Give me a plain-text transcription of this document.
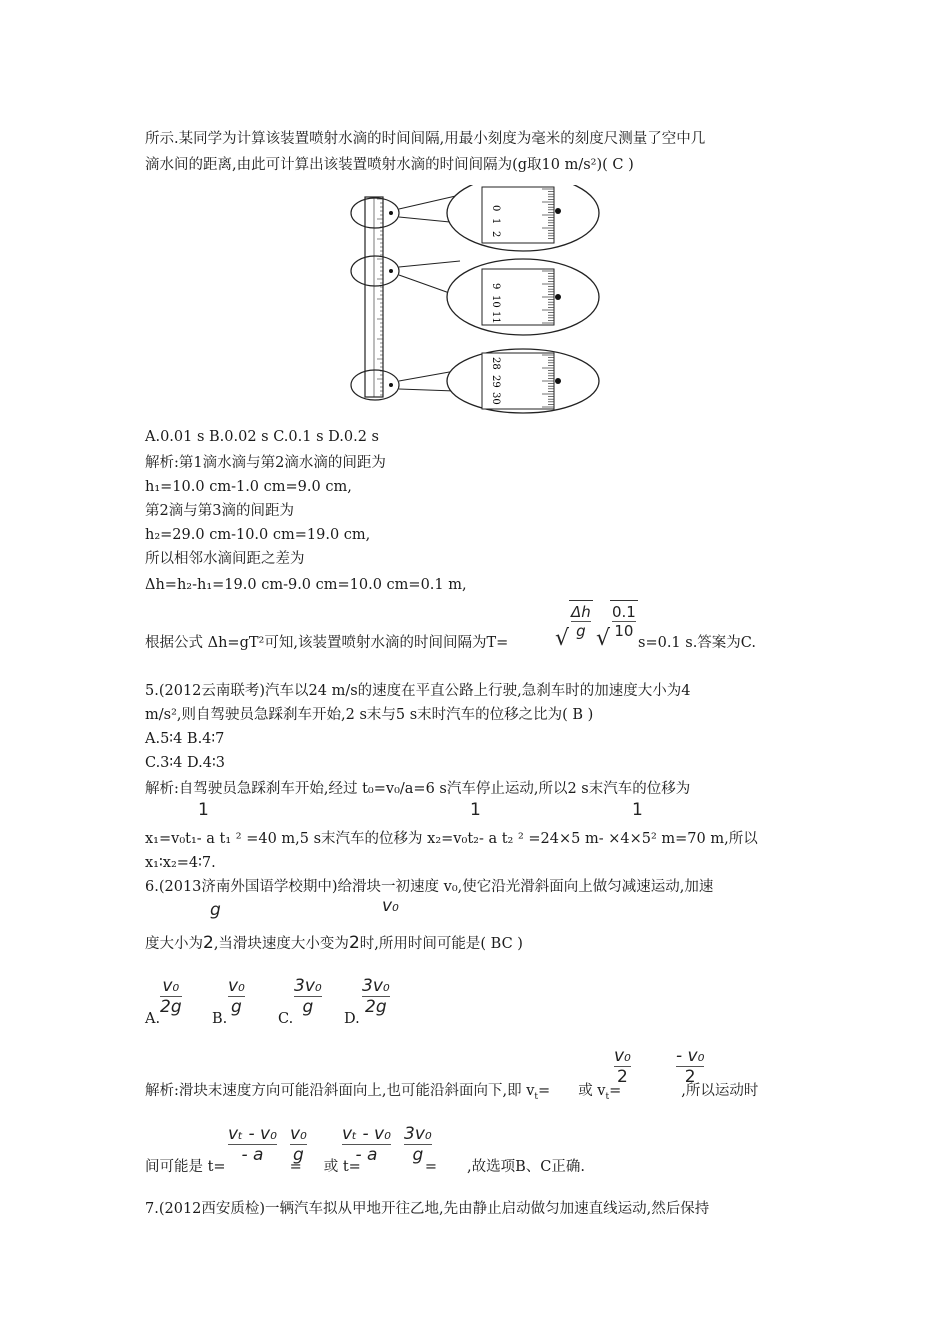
所示.某同学为计算该装置喷射水滴的时间间隔,用最小刻度为毫米的刻度尺测量了空中几
滴水间的距离,由此可计算出该装置喷射水滴的时间间隔为(g取10 m/s²)( C )
0
1
2
9
10
11
28
29
30
A.0.01 s B.0.02 s C.0.1 s D.0.2 s
解析:第1滴水滴与第2滴水滴的间距为
h₁=10.0 cm-1.0 cm=9.0 cm,
第2滴与第3滴的间距为
h₂=29.0 cm-10.0 cm=19.0 cm,
所以相邻水滴间距之差为
Δh=h₂-h₁=19.0 cm-9.0 cm=10.0 cm=0.1 m,
根据公式 Δh=gT²可知,该装置喷射水滴的时间间隔为T= √ $\frac{\Delta h}{g}$ √ $\frac{0.1}{10}$
s=0.1 s.答案为C.
5.(2012云南联考)汽车以24 m/s的速度在平直公路上行驶,急刹车时的加速度大小为4
m/s²,则自驾驶员急踩刹车开始,2 s末与5 s末时汽车的位移之比为( B )
A.5∶4 B.4∶7
C.3∶4 D.4∶3
解析:自驾驶员急踩刹车开始,经过 t₀=v₀/a=6 s汽车停止运动,所以2 s末汽车的位移为
1	1	1
x₁=v₀t₁- a t₁ ² =40 m,5 s末汽车的位移为 x₂=v₀t₂- a t₂ ² =24×5 m- ×4×5² m=70 m,所以
x₁∶x₂=4∶7.
6.(2013济南外国语学校期中)给滑块一初速度 v₀,使它沿光滑斜面向上做匀减速运动,加速
g	v₀
度大小为2,当滑块速度大小变为2时,所用时间可能是( BC )
A.
$\frac{\text{v₀}}{2g}$
B.
$\frac{\text{v₀}}{g}$
C.
$\frac{\text{3v₀}}{g}$
D.
$\frac{\text{3v₀}}{2g}$
解析:滑块末速度方向可能沿斜面向上,也可能沿斜面向下,即 $v_t=$ 或 $v_t=$	,所以运动时
$\frac{\text{v₀}}{2}$	$\frac{\text{- v₀}}{2}$
间可能是 t=	= 或 t=	= ,故选项B、C正确.
$\frac{\text{vₜ - v₀}}{- a} \frac{\text{v₀}}{g} \frac{\text{vₜ - v₀}}{- a} \frac{\text{3v₀}}{g}$
7.(2012西安质检)一辆汽车拟从甲地开往乙地,先由静止启动做匀加速直线运动,然后保持
